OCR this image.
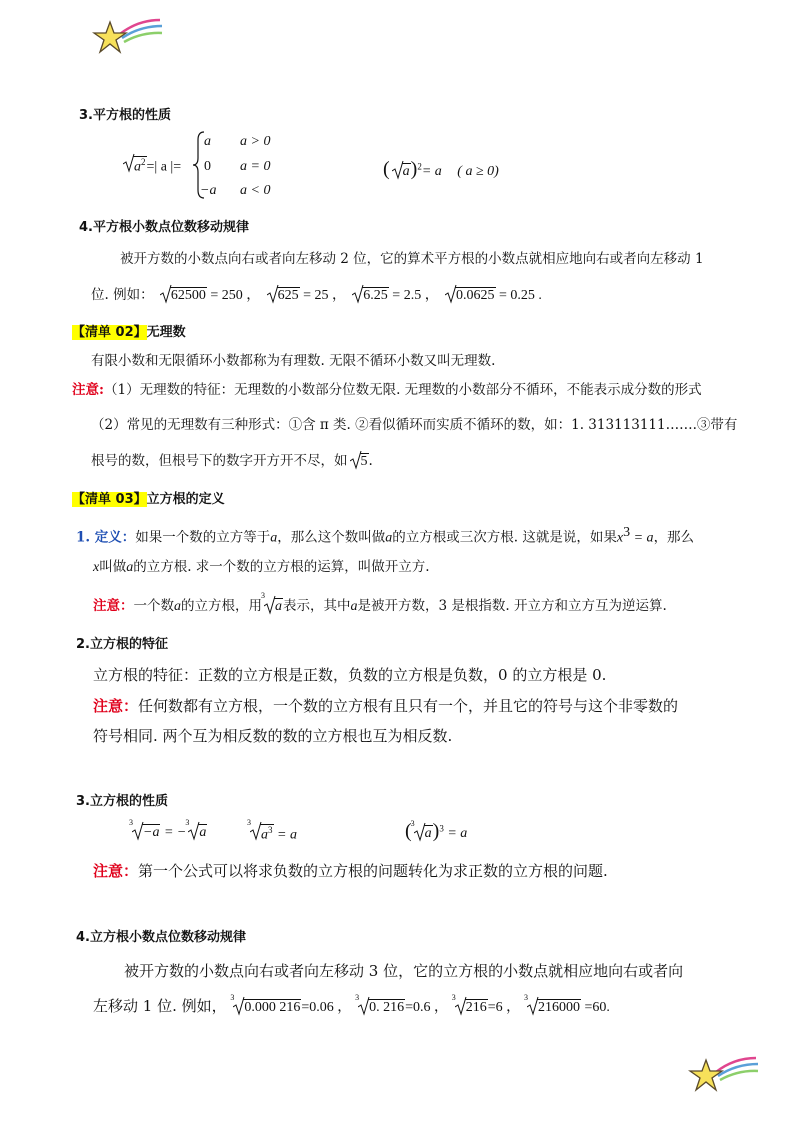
3.平方根的性质
$a^2=|$ a |=
a a > 0
0 a = 0
−a a < 0
( a)$^2$= a ( a ≥ 0)
4.平方根小数点位数移动规律
被开方数的小数点向右或者向左移动 2 位，它的算术平方根的小数点就相应地向右或者向左移动 1
位. 例如： 62500 = 250 ， 625 = 25 ， 6.25 = 2.5 ， 0.0625 = 0.25 .
【清单 02】无理数
有限小数和无限循环小数都称为有理数. 无限不循环小数又叫无理数.
注意:（1）无理数的特征：无理数的小数部分位数无限. 无理数的小数部分不循环，不能表示成分数的形式
（2）常见的无理数有三种形式：①含 π 类. ②看似循环而实质不循环的数，如：1. 313113111…….③带有
根号的数，但根号下的数字开方开不尽，如 5.
【清单 03】立方根的定义
1. 定义：如果一个数的立方等于a，那么这个数叫做a的立方根或三次方根. 这就是说，如果$x^3 = a$，那么
x叫做a的立方根. 求一个数的立方根的运算，叫做开立方.
注意：一个数a的立方根，用
3
a表示，其中a是被开方数，3 是根指数. 开立方和立方互为逆运算.
2.立方根的特征
立方根的特征：正数的立方根是正数，负数的立方根是负数，0 的立方根是 0.
注意：任何数都有立方根，一个数的立方根有且只有一个，并且它的符号与这个非零数的
符号相同. 两个互为相反数的数的立方根也互为相反数.
3.立方根的性质
3
−a = −
3
a
3
$a^3 = a$	( 3
a)$^3$ = a
注意：第一个公式可以将求负数的立方根的问题转化为求正数的立方根的问题.
4.立方根小数点位数移动规律
被开方数的小数点向右或者向左移动 3 位，它的立方根的小数点就相应地向右或者向
左移动 1 位. 例如， 3
0.000 216=0.06 ，
3
0. 216=0.6 ，
3
216=6 ，
3
216000 =60.
